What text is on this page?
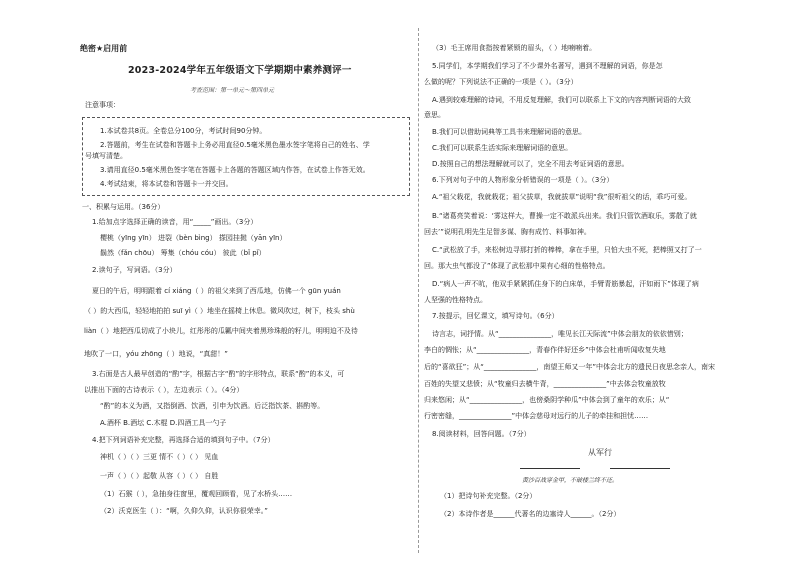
绝密★启用前
2023-2024学年五年级语文下学期期中素养测评一
考查范围：第一单元～第四单元
注意事项：
1.本试卷共8页。全卷总分100分，考试时间90分钟。
2.答题前，考生在试卷和答题卡上务必用直径0.5毫米黑色墨水签字笔将自己的姓名、学
号填写清楚。
3.请用直径0.5毫米黑色签字笔在答题卡上各题的答题区域内作答，在试卷上作答无效。
4.考试结束，将本试卷和答题卡一并交回。
一、积累与运用。（36分）
1.给加点字选择正确的读音，用“_____”画出。（3分）
樱桃（yīng yīn） 进裂（bèn bìng） 搽园挂拋（yān yīn）
鬍然（fǎn chōu） 筹集（chóu cóu） 彼此（bǐ pǐ）
2.读句子，写词语。（3分）
夏日的午后，明明跟着 cí xiáng（ ）的祖父来到了西瓜地，仿佛一个 gūn yuán
（ ）的大西瓜，轻轻地拍拍 suī yì（ ）地坐在摇椅上休息。微风吹过，树下，枝头 shù
liàn（ ）地把西瓜切成了小块儿，红彤彤的瓜瓤中间夹着黑珍珠般的籽儿，明明迫不及待
地吹了一口，yóu zhōng（ ）地说，“真甜！”
3.右面是古人最早创造的“酌”字，根据古字“酌”的字形特点，联系“酌”的本义，可
以推出下面的古诗表示（ ），左边表示（ ）。（4分）
“酌”的本义为酒，又指倒酒、饮酒，引申为饮酒。后泛指饮茶、斟酌等。
A.酒杯 B.酒坛 C.木棍 D.四酒工具一勺子
4.把下列词语补充完整，再选择合适的填到句子中。（7分）
神机（ ）（ ）三更 情不（ ）（ ） 见血
一声（ ）（ ）起敬 从容（ ）（ ） 自胜
（1）石猴（ ），急抽身往窗里，覆观回顾看，见了水桥头……
（2）沃克医生（ ）：“啊，久仰久仰，认识你很荣幸。”
（3）毛王席用食指按着紧锁的眉头，（ ）地喃喃着。
5.同学们，本学期我们学习了不少课外名著写，遇到不理解的词语，你是怎
么做的呢？下列说法不正确的一项是（ ）。（3分）
A.遇到较难理解的诗词，不用反复理解，我们可以联系上下文的内容判断词语的大致
意思。
B.我们可以借助词典等工具书来理解词语的意思。
C.我们可以联系生活实际来理解词语的意思。
D.按照自己的想法理解就可以了，完全不用去考证词语的意思。
6.下列对句子中的人物形象分析错误的一项是（ ）。（3分）
A.“祖父栽花，我就栽花；祖父拔草，我就拔草”说明“我”很听祖父的话，乖巧可爱。
B.“诸葛亮笑着说：‘雾这样大，曹操一定不敢派兵出来。我们只管饮酒取乐，雾散了就
回去’”说明孔明先生足智多谋、胸有成竹、料事如神。
C.“武松放了手，来松树边寻那打折的棒棒，拿在手里，只怕大虫不死，把棒照又打了一
回。那大虫气都没了”体现了武松那中果有心细的性格特点。
D.“病人一声不吭，他双手紧紧抓住身下的白床单，手臂青筋暴起，汗如雨下”体现了病
人坚强的性格特点。
7.按提示，回忆课文，填写诗句。（6分）
诗言志，词抒情。从“_______________，唯见长江天际流”中体会朋友的依依惜别；
李白的惆怅；从“_______________，青春作伴好还乡”中体会杜甫听闻收复失地
后的“喜欲狂”；从“_______________，南望王师又一年”中体会北方的遗民日夜思念亲人，南宋
百姓的失望又悲愤；从“牧童归去横牛背，_______________”中去体会牧童放牧
归来悠闲；从“_______________，也傍桑阴学种瓜”中体会到了童年的欢乐；从“
行密密缝，_______________”中体会慈母对远行的儿子的牵挂和担忧……
8.阅读材料，回答问题。（7分）
从军行
黄沙百战穿金甲，不破楼兰终不还。
（1）把诗句补充完整。（2分）
（2）本诗作者是______代著名的边塞诗人______。（2分）
